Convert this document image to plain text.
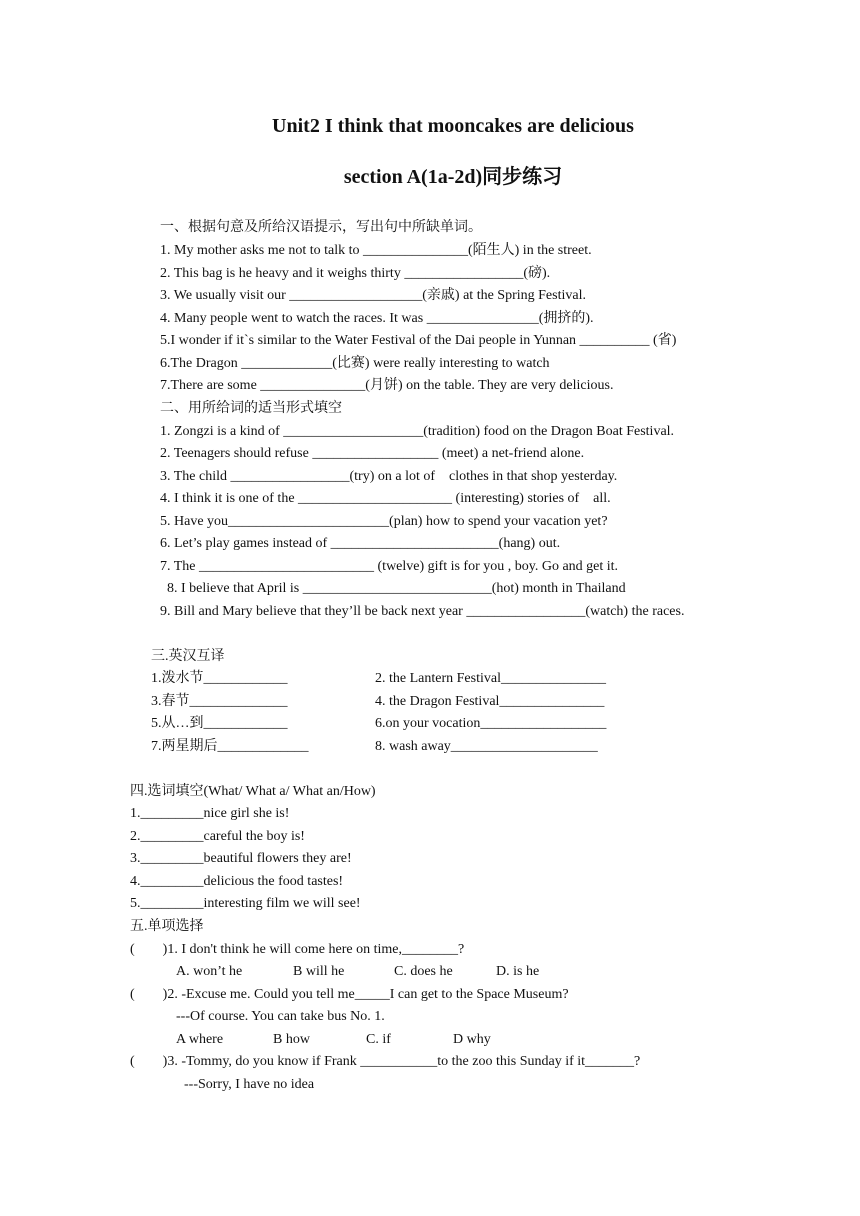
Unit2 I think that mooncakes are delicious
section A(1a-2d)同步练习
一、根据句意及所给汉语提示，写出句中所缺单词。
1. My mother asks me not to talk to _______________(陌生人) in the street.
2. This bag is he heavy and it weighs thirty _________________(磅).
3. We usually visit our ___________________(亲戚) at the Spring Festival.
4. Many people went to watch the races. It was ________________(拥挤的).
5.I wonder if it`s similar to the Water Festival of the Dai people in Yunnan __________ (省)
6.The Dragon _____________(比赛) were really interesting to watch
7.There are some _______________(月饼) on the table. They are very delicious.
二、用所给词的适当形式填空
1. Zongzi is a kind of ____________________(tradition) food on the Dragon Boat Festival.
2. Teenagers should refuse __________________ (meet) a net-friend alone.
3. The child _________________(try) on a lot of    clothes in that shop yesterday.
4. I think it is one of the ______________________ (interesting) stories of    all.
5. Have you_______________________(plan) how to spend your vacation yet?
6. Let’s play games instead of ________________________(hang) out.
7. The _________________________ (twelve) gift is for you , boy. Go and get it.
8. I believe that April is ___________________________(hot) month in Thailand
9. Bill and Mary believe that they’ll be back next year _________________(watch) the races.
三.英汉互译
1.泼水节____________	2. the Lantern Festival_______________
3.春节______________	4. the Dragon Festival_______________
5.从…到____________	6.on your vocation__________________
7.两星期后_____________	8. wash away_____________________
四.选词填空(What/ What a/ What an/How)
1._________nice girl she is!
2._________careful the boy is!
3._________beautiful flowers they are!
4._________delicious the food tastes!
5._________interesting film we will see!
五.单项选择
(        )1. I don't think he will come here on time,________?
A. won’t he	B will he	C. does he	D. is he
(        )2. -Excuse me. Could you tell me_____I can get to the Space Museum?
---Of course. You can take bus No. 1.
A where	B how	C. if	D why
(        )3. -Tommy, do you know if Frank ___________to the zoo this Sunday if it_______?
---Sorry, I have no idea
